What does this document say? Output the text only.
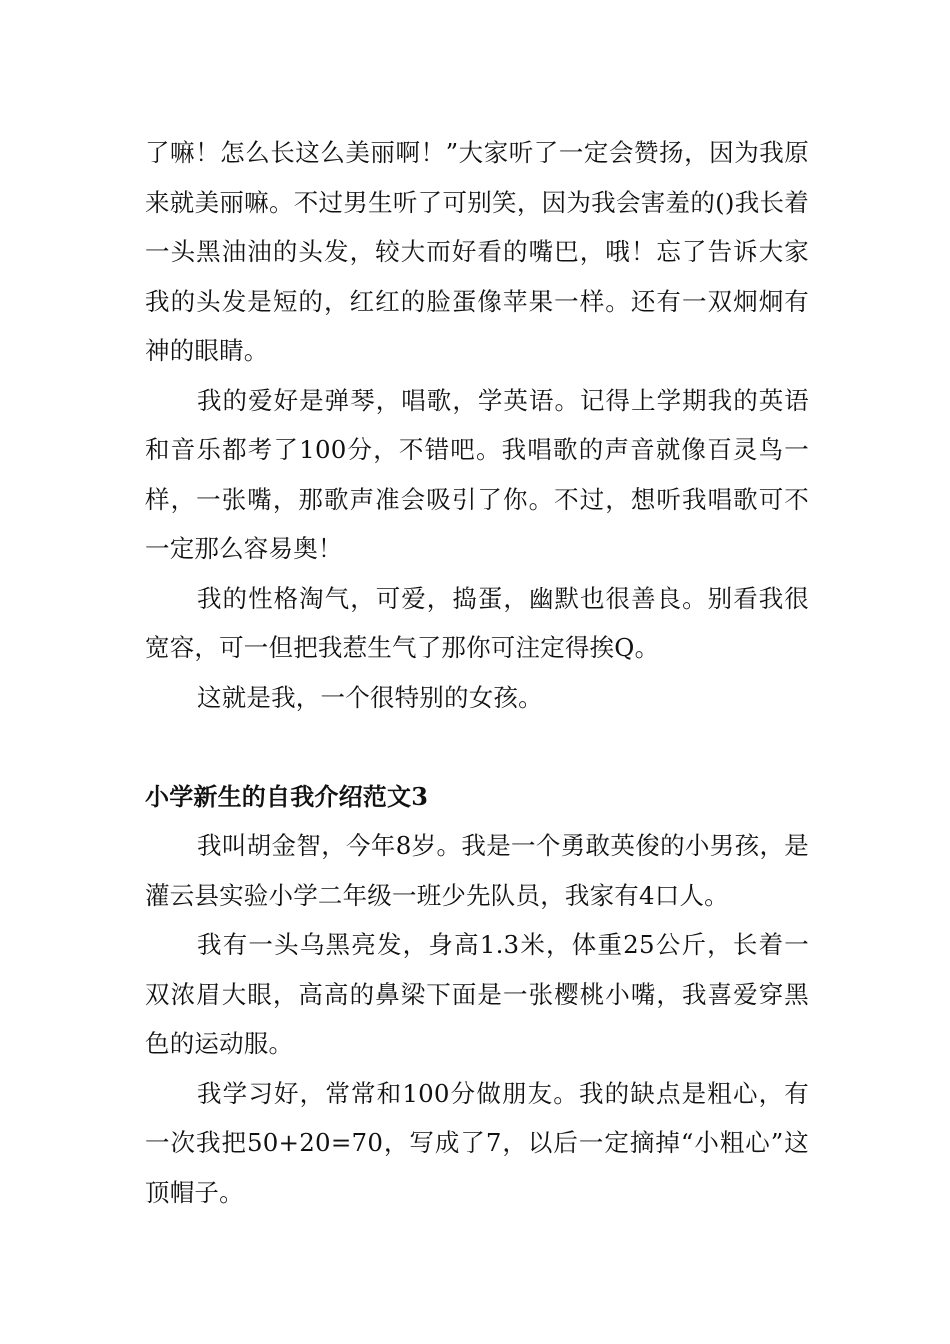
了嘛！怎么长这么美丽啊！”大家听了一定会赞扬，因为我原来就美丽嘛。不过男生听了可别笑，因为我会害羞的()我长着一头黑油油的头发，较大而好看的嘴巴，哦！忘了告诉大家我的头发是短的，红红的脸蛋像苹果一样。还有一双炯炯有神的眼睛。

我的爱好是弹琴，唱歌，学英语。记得上学期我的英语和音乐都考了100分，不错吧。我唱歌的声音就像百灵鸟一样，一张嘴，那歌声准会吸引了你。不过，想听我唱歌可不一定那么容易奥！

我的性格淘气，可爱，捣蛋，幽默也很善良。别看我很宽容，可一但把我惹生气了那你可注定得挨Q。

这就是我，一个很特别的女孩。

小学新生的自我介绍范文3

我叫胡金智，今年8岁。我是一个勇敢英俊的小男孩，是灌云县实验小学二年级一班少先队员，我家有4口人。

我有一头乌黑亮发，身高1.3米，体重25公斤，长着一双浓眉大眼，高高的鼻梁下面是一张樱桃小嘴，我喜爱穿黑色的运动服。

我学习好，常常和100分做朋友。我的缺点是粗心，有一次我把50+20=70，写成了7，以后一定摘掉“小粗心”这顶帽子。
